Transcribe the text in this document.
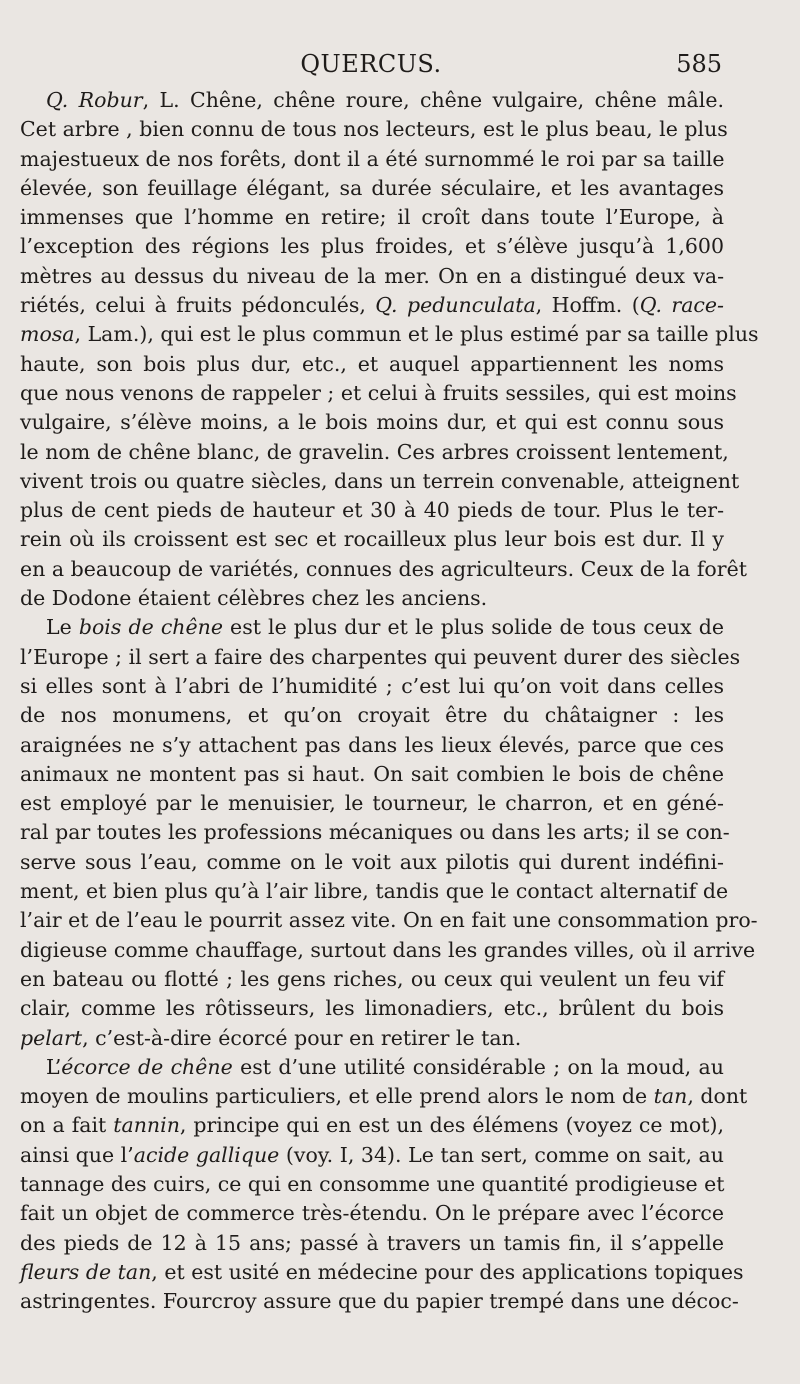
QUERCUS.	585
Q. Robur, L. Chêne, chêne roure, chêne vulgaire, chêne mâle.
Cet arbre , bien connu de tous nos lecteurs, est le plus beau, le plus
majestueux de nos forêts, dont il a été surnommé le roi par sa taille
élevée, son feuillage élégant, sa durée séculaire, et les avantages
immenses que l’homme en retire; il croît dans toute l’Europe, à
l’exception des régions les plus froides, et s’élève jusqu’à 1,600
mètres au dessus du niveau de la mer. On en a distingué deux va-
riétés, celui à fruits pédonculés, Q. pedunculata, Hoffm. (Q. race-
mosa, Lam.), qui est le plus commun et le plus estimé par sa taille plus
haute, son bois plus dur, etc., et auquel appartiennent les noms
que nous venons de rappeler ; et celui à fruits sessiles, qui est moins
vulgaire, s’élève moins, a le bois moins dur, et qui est connu sous
le nom de chêne blanc, de gravelin. Ces arbres croissent lentement,
vivent trois ou quatre siècles, dans un terrein convenable, atteignent
plus de cent pieds de hauteur et 30 à 40 pieds de tour. Plus le ter-
rein où ils croissent est sec et rocailleux plus leur bois est dur. Il y
en a beaucoup de variétés, connues des agriculteurs. Ceux de la forêt
de Dodone étaient célèbres chez les anciens.
Le bois de chêne est le plus dur et le plus solide de tous ceux de
l’Europe ; il sert a faire des charpentes qui peuvent durer des siècles
si elles sont à l’abri de l’humidité ; c’est lui qu’on voit dans celles
de nos monumens, et qu’on croyait être du châtaigner : les
araignées ne s’y attachent pas dans les lieux élevés, parce que ces
animaux ne montent pas si haut. On sait combien le bois de chêne
est employé par le menuisier, le tourneur, le charron, et en géné-
ral par toutes les professions mécaniques ou dans les arts; il se con-
serve sous l’eau, comme on le voit aux pilotis qui durent indéfini-
ment, et bien plus qu’à l’air libre, tandis que le contact alternatif de
l’air et de l’eau le pourrit assez vite. On en fait une consommation pro-
digieuse comme chauffage, surtout dans les grandes villes, où il arrive
en bateau ou flotté ; les gens riches, ou ceux qui veulent un feu vif
clair, comme les rôtisseurs, les limonadiers, etc., brûlent du bois
pelart, c’est-à-dire écorcé pour en retirer le tan.
L’écorce de chêne est d’une utilité considérable ; on la moud, au
moyen de moulins particuliers, et elle prend alors le nom de tan, dont
on a fait tannin, principe qui en est un des élémens (voyez ce mot),
ainsi que l’acide gallique (voy. I, 34). Le tan sert, comme on sait, au
tannage des cuirs, ce qui en consomme une quantité prodigieuse et
fait un objet de commerce très-étendu. On le prépare avec l’écorce
des pieds de 12 à 15 ans; passé à travers un tamis fin, il s’appelle
fleurs de tan, et est usité en médecine pour des applications topiques
astringentes. Fourcroy assure que du papier trempé dans une décoc-
